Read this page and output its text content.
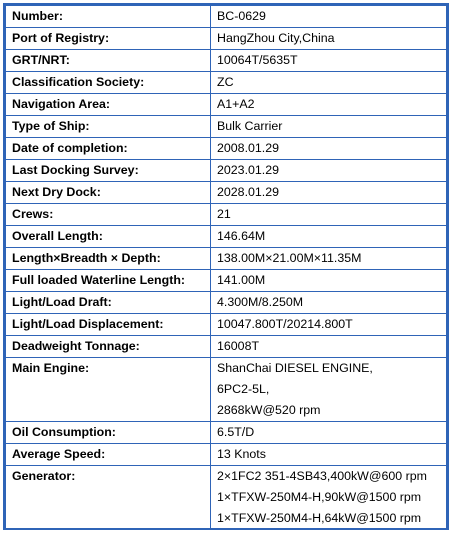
Number:	BC-0629

Port of Registry:	HangZhou City,China

GRT/NRT:	10064T/5635T

Classification Society:	ZC

Navigation Area:	A1+A2

Type of Ship:	Bulk Carrier

Date of completion:	2008.01.29

Last Docking Survey:	2023.01.29

Next Dry Dock:	2028.01.29

Crews:	21

Overall Length:	146.64M

Length×Breadth × Depth:	138.00M×21.00M×11.35M

Full loaded Waterline Length:	141.00M

Light/Load Draft:	4.300M/8.250M

Light/Load Displacement:	10047.800T/20214.800T

Deadweight Tonnage:	16008T

Main Engine:	ShanChai DIESEL ENGINE,
6PC2-5L,
2868kW@520 rpm

Oil Consumption:	6.5T/D

Average Speed:	13 Knots

Generator:	2×1FC2 351-4SB43,400kW@600 rpm
1×TFXW-250M4-H,90kW@1500 rpm
1×TFXW-250M4-H,64kW@1500 rpm
